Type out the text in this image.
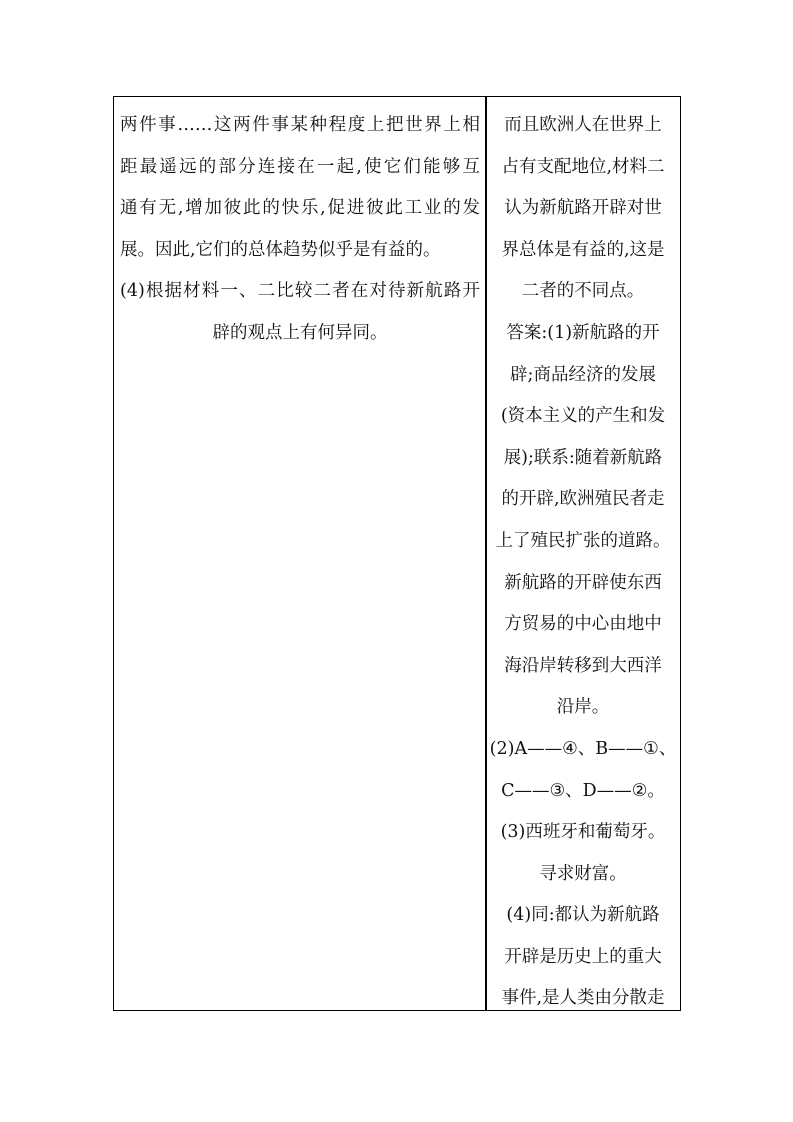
两件事……这两件事某种程度上把世界上相
距最遥远的部分连接在一起,使它们能够互
通有无,增加彼此的快乐,促进彼此工业的发
展。因此,它们的总体趋势似乎是有益的。
(4)根据材料一、二比较二者在对待新航路开
辟的观点上有何异同。
而且欧洲人在世界上
占有支配地位,材料二
认为新航路开辟对世
界总体是有益的,这是
二者的不同点。
答案:(1)新航路的开
辟;商品经济的发展
(资本主义的产生和发
展);联系:随着新航路
的开辟,欧洲殖民者走
上了殖民扩张的道路。
新航路的开辟使东西
方贸易的中心由地中
海沿岸转移到大西洋
沿岸。
(2)A——④、B——①、
C——③、D——②。
(3)西班牙和葡萄牙。
寻求财富。
(4)同:都认为新航路
开辟是历史上的重大
事件,是人类由分散走
